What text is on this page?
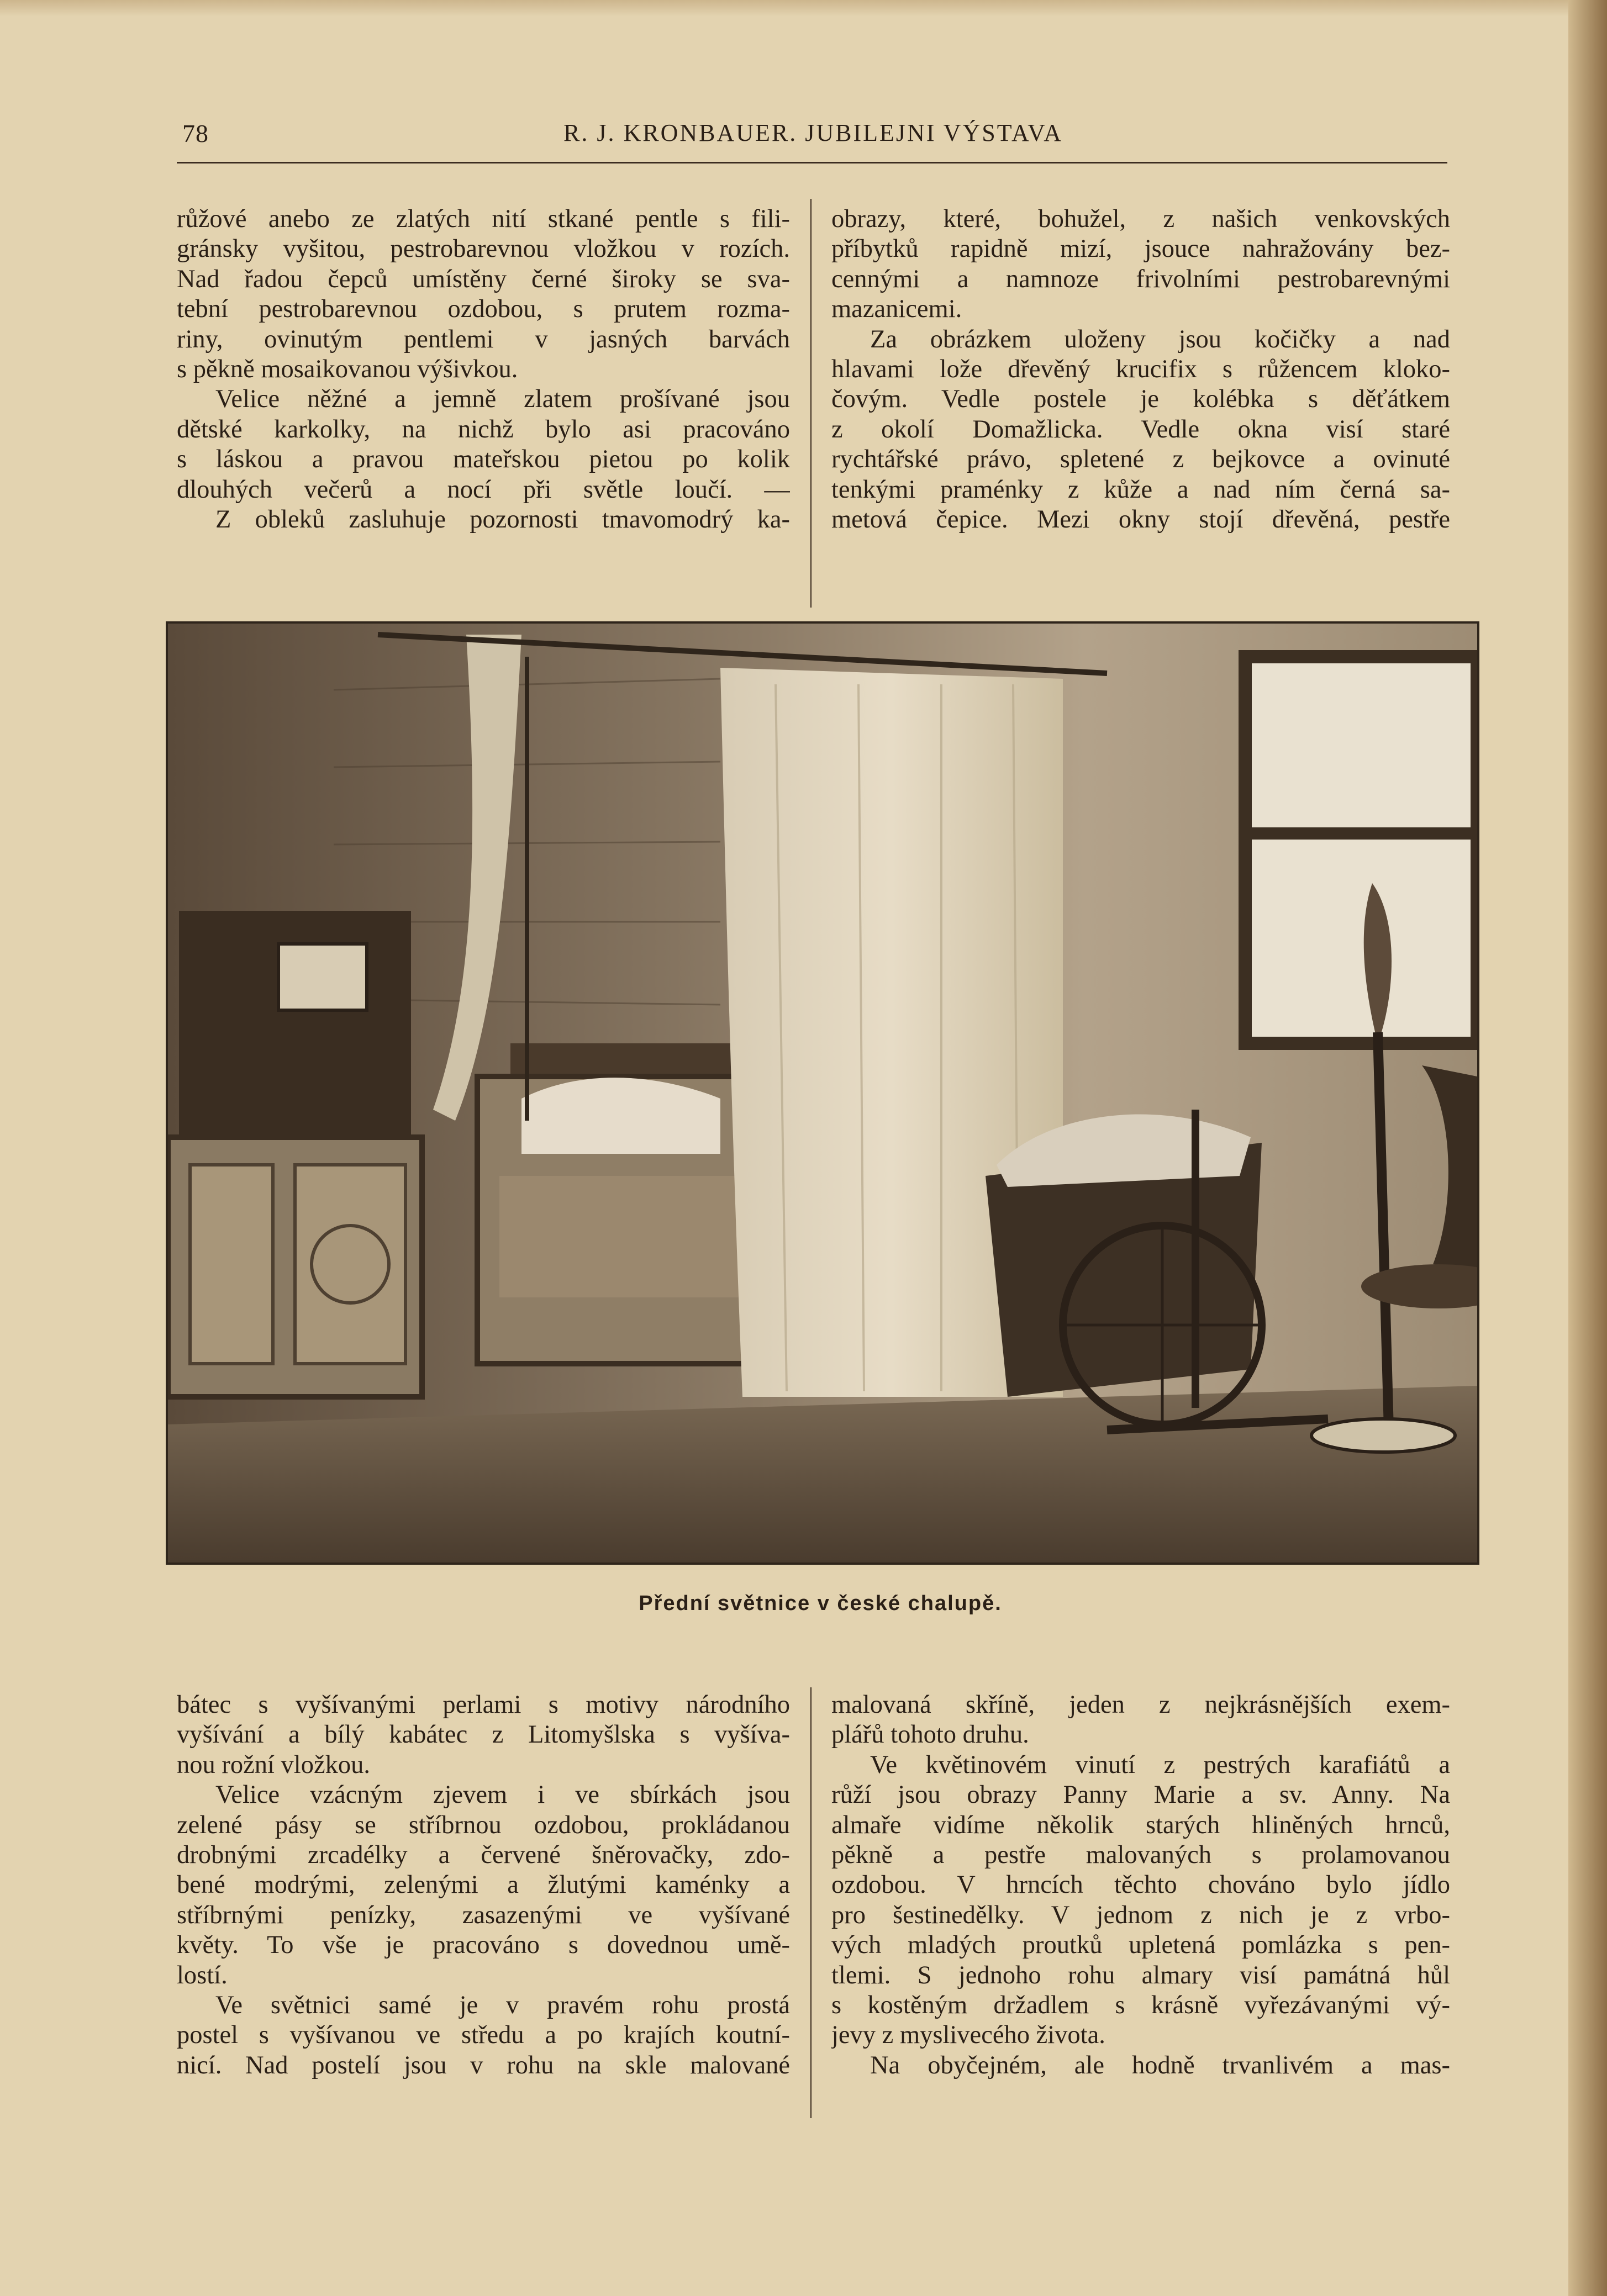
78	R. J. KRONBAUER. JUBILEJNI VÝSTAVA
růžové anebo ze zlatých nití stkané pentle s fili-
gránsky vyšitou, pestrobarevnou vložkou v rozích.
Nad řadou čepců umístěny černé široky se sva-
tební pestrobarevnou ozdobou, s prutem rozma-
riny, ovinutým pentlemi v jasných barvách
s pěkně mosaikovanou výšivkou.
Velice něžné a jemně zlatem prošívané jsou
dětské karkolky, na nichž bylo asi pracováno
s láskou a pravou mateřskou pietou po kolik
dlouhých večerů a nocí při světle loučí. —
Z obleků zasluhuje pozornosti tmavomodrý ka-
obrazy, které, bohužel, z našich venkovských
příbytků rapidně mizí, jsouce nahražovány bez-
cennými a namnoze frivolními pestrobarevnými
mazanicemi.
Za obrázkem uloženy jsou kočičky a nad
hlavami lože dřevěný krucifix s růžencem kloko-
čovým. Vedle postele je kolébka s děťátkem
z okolí Domažlicka. Vedle okna visí staré
rychtářské právo, spletené z bejkovce a ovinuté
tenkými praménky z kůže a nad ním černá sa-
metová čepice. Mezi okny stojí dřevěná, pestře
Přední světnice v české chalupě.
bátec s vyšívanými perlami s motivy národního
vyšívání a bílý kabátec z Litomyšlska s vyšíva-
nou rožní vložkou.
Velice vzácným zjevem i ve sbírkách jsou
zelené pásy se stříbrnou ozdobou, prokládanou
drobnými zrcadélky a červené šněrovačky, zdo-
bené modrými, zelenými a žlutými kaménky a
stříbrnými penízky, zasazenými ve vyšívané
květy. To vše je pracováno s dovednou umě-
lostí.
Ve světnici samé je v pravém rohu prostá
postel s vyšívanou ve středu a po krajích koutní-
nicí. Nad postelí jsou v rohu na skle malované
malovaná skříně, jeden z nejkrásnějších exem-
plářů tohoto druhu.
Ve květinovém vinutí z pestrých karafiátů a
růží jsou obrazy Panny Marie a sv. Anny. Na
almaře vidíme několik starých hliněných hrnců,
pěkně a pestře malovaných s prolamovanou
ozdobou. V hrncích těchto chováno bylo jídlo
pro šestinedělky. V jednom z nich je z vrbo-
vých mladých proutků upletená pomlázka s pen-
tlemi. S jednoho rohu almary visí památná hůl
s kostěným držadlem s krásně vyřezávanými vý-
jevy z myslivecého života.
Na obyčejném, ale hodně trvanlivém a mas-
